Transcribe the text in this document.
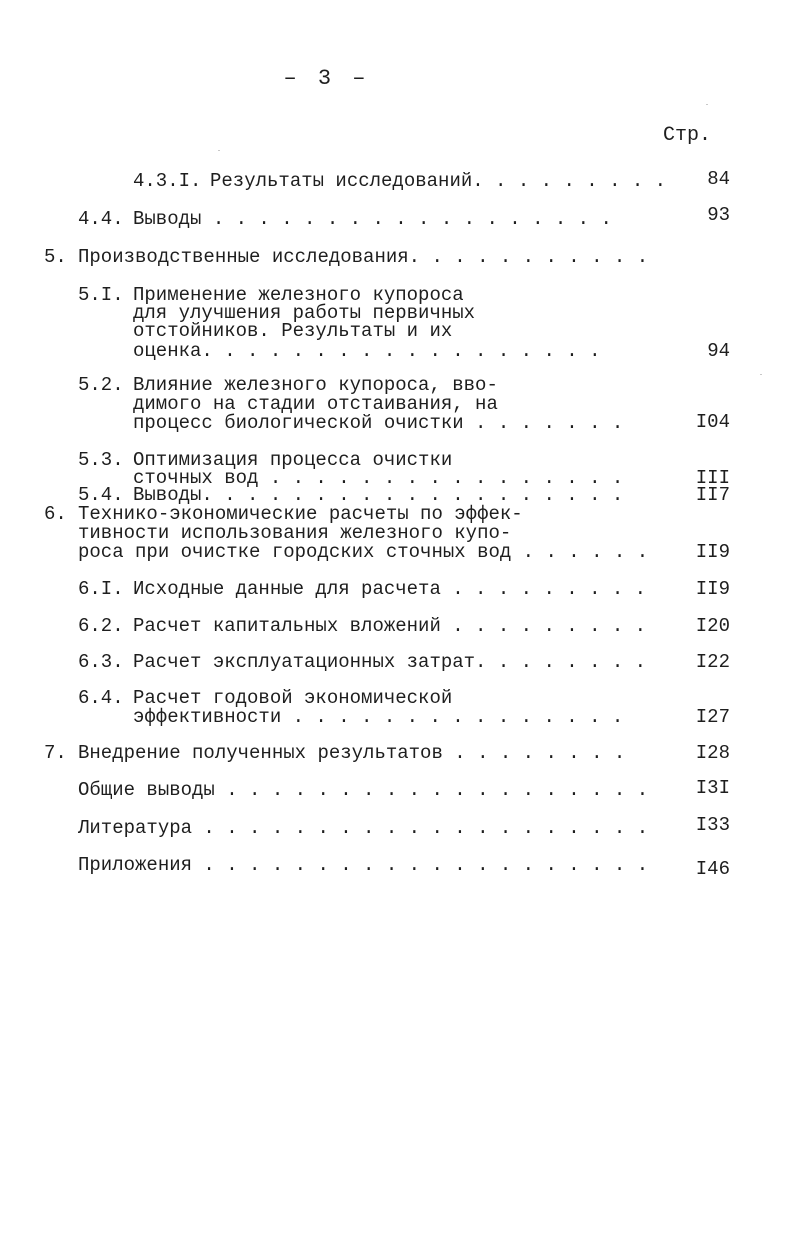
– 3 –
Стр.
4.3.I. Результаты исследований. . . . . . . . .	84
4.4. Выводы . . . . . . . . . . . . . . . . . .	93
5. Производственные исследования. . . . . . . . . . .
5.I. Применение железного купороса
для улучшения работы первичных
отстойников. Результаты и их
оценка. . . . . . . . . . . . . . . . . .	94
5.2. Влияние железного купороса, вво-
димого на стадии отстаивания, на
процесс биологической очистки . . . . . . .	I04
5.3. Оптимизация процесса очистки
сточных вод . . . . . . . . . . . . . . . .	III
5.4. Выводы. . . . . . . . . . . . . . . . . . .	II7
6. Технико-экономические расчеты по эффек-
тивности использования железного купо-
роса при очистке городских сточных вод . . . . . .	II9
6.I. Исходные данные для расчета . . . . . . . . .	II9
6.2. Расчет капитальных вложений . . . . . . . . .	I20
6.3. Расчет эксплуатационных затрат. . . . . . . .	I22
6.4. Расчет годовой экономической
эффективности . . . . . . . . . . . . . . .	I27
7. Внедрение полученных результатов . . . . . . . .	I28
Общие выводы . . . . . . . . . . . . . . . . . . .	I3I
Литература . . . . . . . . . . . . . . . . . . . .	I33
Приложения . . . . . . . . . . . . . . . . . . . .	I46
